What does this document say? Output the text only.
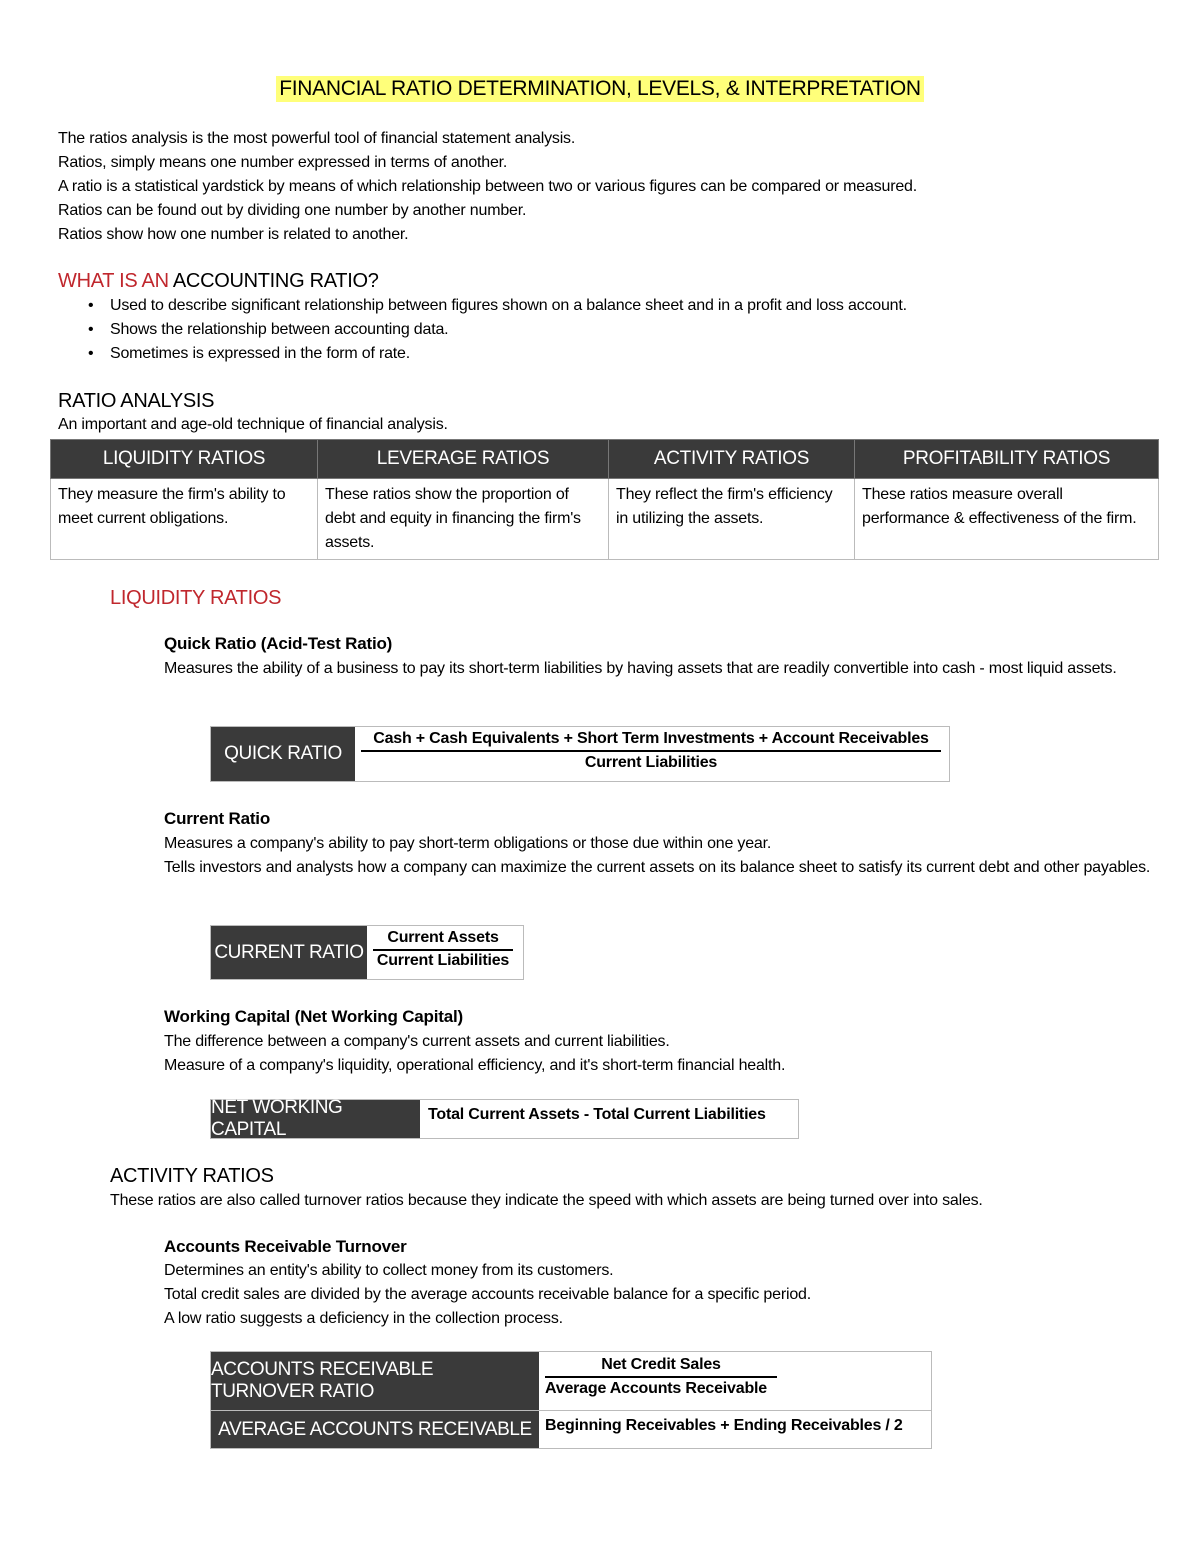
FINANCIAL RATIO DETERMINATION, LEVELS, & INTERPRETATION
The ratios analysis is the most powerful tool of financial statement analysis.
Ratios, simply means one number expressed in terms of another.
A ratio is a statistical yardstick by means of which relationship between two or various figures can be compared or measured.
Ratios can be found out by dividing one number by another number.
Ratios show how one number is related to another.
WHAT IS AN ACCOUNTING RATIO?
• Used to describe significant relationship between figures shown on a balance sheet and in a profit and loss account.
• Shows the relationship between accounting data.
• Sometimes is expressed in the form of rate.
RATIO ANALYSIS
An important and age-old technique of financial analysis.
LIQUIDITY RATIOS	LEVERAGE RATIOS	ACTIVITY RATIOS	PROFITABILITY RATIOS
They measure the firm's ability to meet current obligations.	These ratios show the proportion of debt and equity in financing the firm's assets.	They reflect the firm's efficiency in utilizing the assets.	These ratios measure overall performance & effectiveness of the firm.
LIQUIDITY RATIOS
Quick Ratio (Acid-Test Ratio)
Measures the ability of a business to pay its short-term liabilities by having assets that are readily convertible into cash - most liquid assets.
QUICK RATIO
Cash + Cash Equivalents + Short Term Investments + Account Receivables
Current Liabilities
Current Ratio
Measures a company's ability to pay short-term obligations or those due within one year.
Tells investors and analysts how a company can maximize the current assets on its balance sheet to satisfy its current debt and other payables.
CURRENT RATIO $\frac{\text{Current Assets}}{\text{Current Liabilities}}$
Working Capital (Net Working Capital)
The difference between a company's current assets and current liabilities.
Measure of a company's liquidity, operational efficiency, and it's short-term financial health.
NET WORKING CAPITAL
Total Current Assets - Total Current Liabilities
ACTIVITY RATIOS
These ratios are also called turnover ratios because they indicate the speed with which assets are being turned over into sales.
Accounts Receivable Turnover
Determines an entity's ability to collect money from its customers.
Total credit sales are divided by the average accounts receivable balance for a specific period.
A low ratio suggests a deficiency in the collection process.
ACCOUNTS RECEIVABLE TURNOVER RATIO
Net Credit Sales
Average Accounts Receivable
AVERAGE ACCOUNTS RECEIVABLE Beginning Receivables + Ending Receivables / 2
